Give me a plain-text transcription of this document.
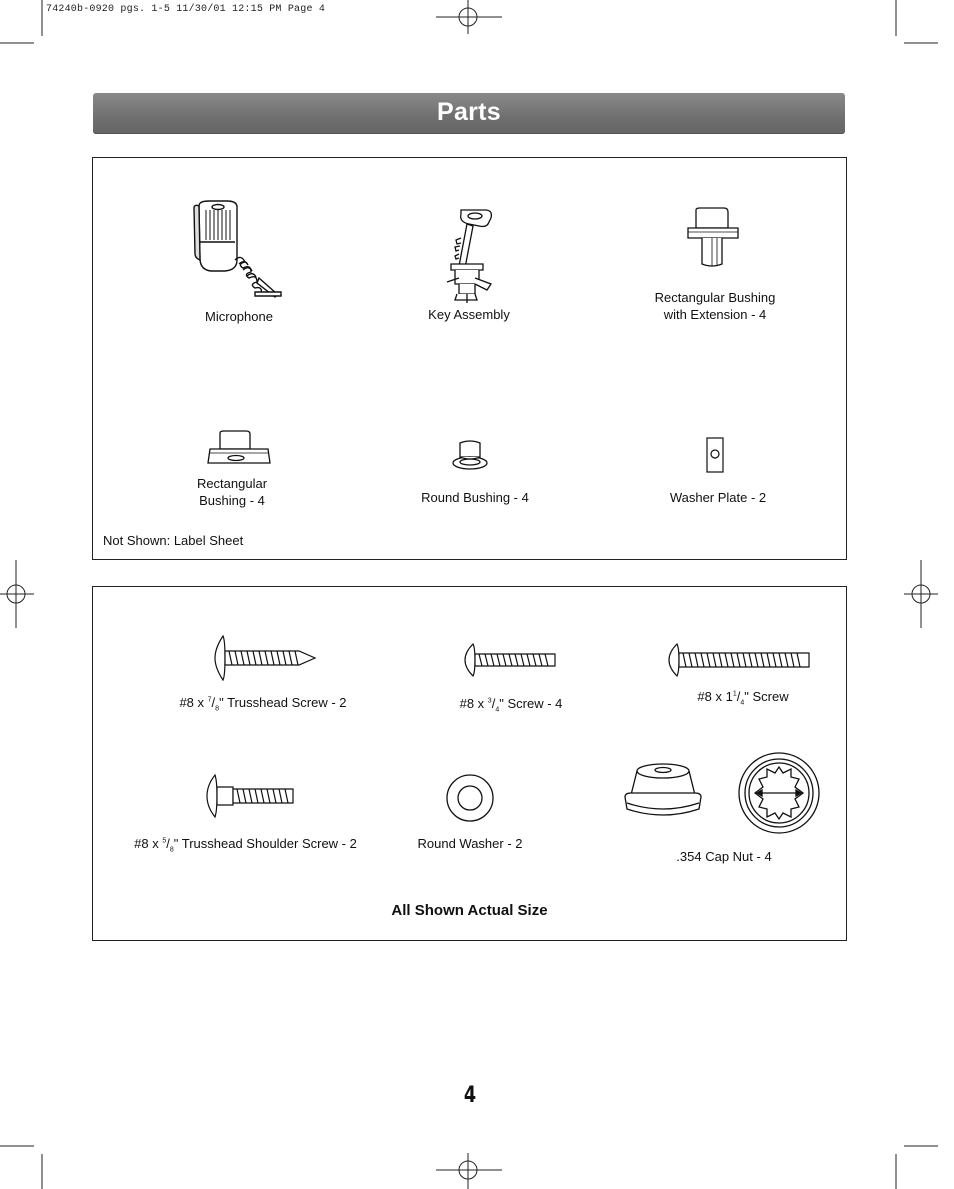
74240b-0920 pgs. 1-5 11/30/01 12:15 PM Page 4
Parts
Microphone	Key Assembly
Rectangular Bushing
with Extension - 4
Rectangular
Bushing - 4	Round Bushing - 4	Washer Plate - 2
Not Shown: Label Sheet
#8 x $^7/_8$" Trusshead Screw - 2	#8 x $^3/_4$" Screw - 4	#8 x $1^1/_4$" Screw
#8 x $^5/_8$" Trusshead Shoulder Screw - 2	Round Washer - 2
.354 Cap Nut - 4
All Shown Actual Size
4
